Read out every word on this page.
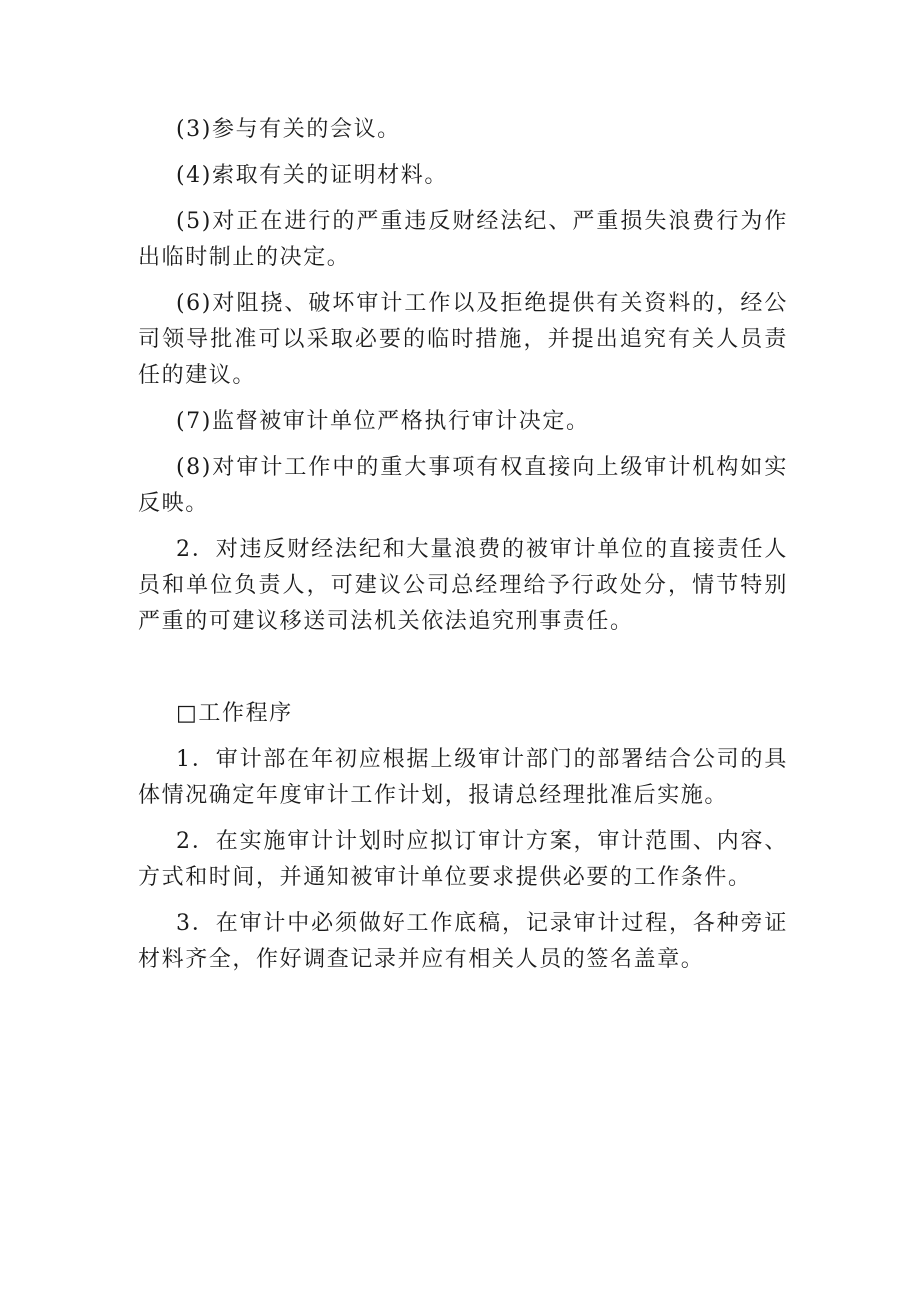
(3)参与有关的会议。

(4)索取有关的证明材料。

(5)对正在进行的严重违反财经法纪、严重损失浪费行为作出临时制止的决定。

(6)对阻挠、破坏审计工作以及拒绝提供有关资料的，经公司领导批准可以采取必要的临时措施，并提出追究有关人员责任的建议。

(7)监督被审计单位严格执行审计决定。

(8)对审计工作中的重大事项有权直接向上级审计机构如实反映。

2．对违反财经法纪和大量浪费的被审计单位的直接责任人员和单位负责人，可建议公司总经理给予行政处分，情节特别严重的可建议移送司法机关依法追究刑事责任。

□工作程序

1．审计部在年初应根据上级审计部门的部署结合公司的具体情况确定年度审计工作计划，报请总经理批准后实施。

2．在实施审计计划时应拟订审计方案，审计范围、内容、方式和时间，并通知被审计单位要求提供必要的工作条件。

3．在审计中必须做好工作底稿，记录审计过程，各种旁证材料齐全，作好调查记录并应有相关人员的签名盖章。
